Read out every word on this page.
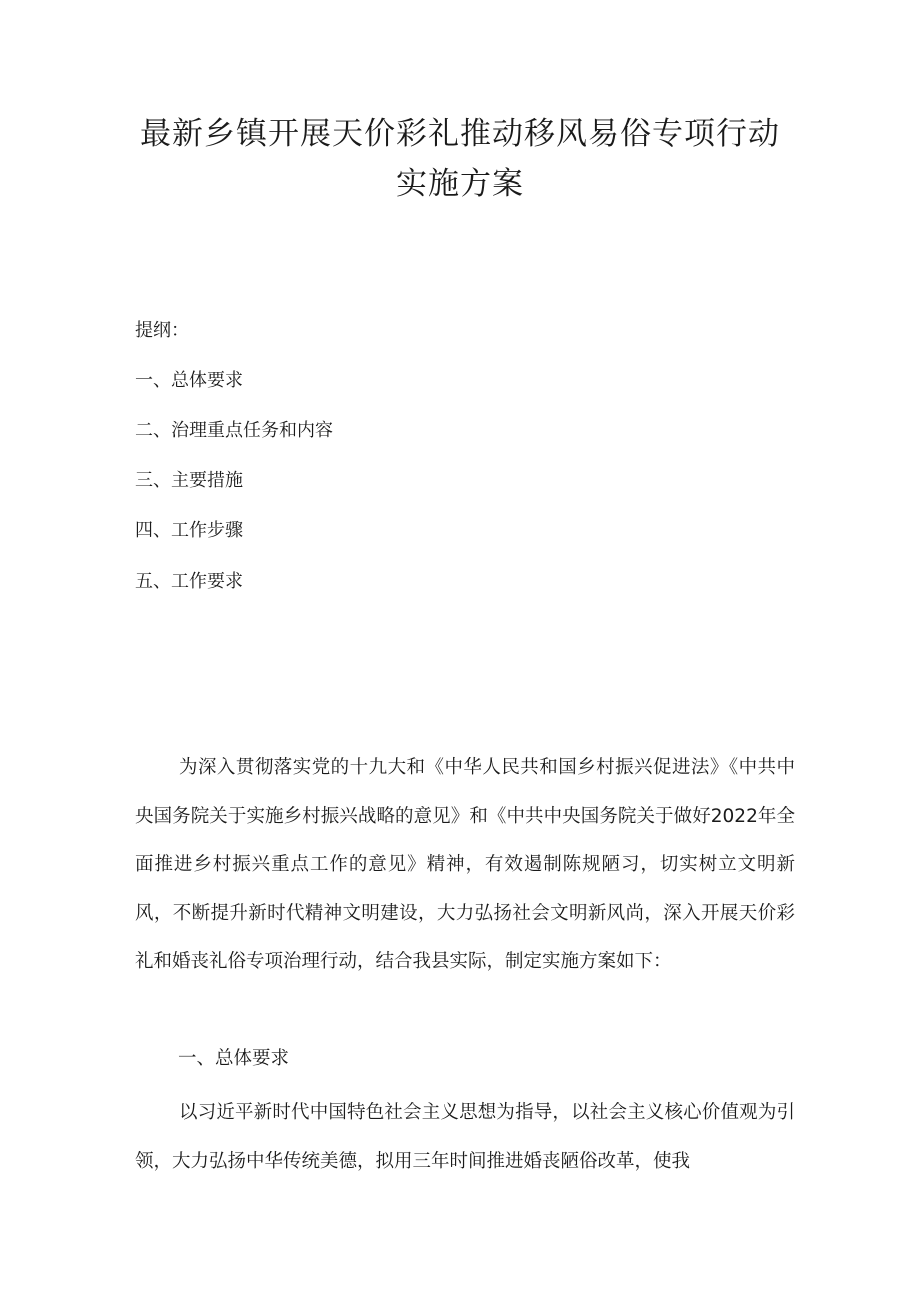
最新乡镇开展天价彩礼推动移风易俗专项行动
实施方案
提纲：
一、总体要求
二、治理重点任务和内容
三、主要措施
四、工作步骤
五、工作要求

为深入贯彻落实党的十九大和《中华人民共和国乡村振兴促进法》《中共中央国务院关于实施乡村振兴战略的意见》和《中共中央国务院关于做好2022年全面推进乡村振兴重点工作的意见》精神，有效遏制陈规陋习，切实树立文明新风，不断提升新时代精神文明建设，大力弘扬社会文明新风尚，深入开展天价彩礼和婚丧礼俗专项治理行动，结合我县实际，制定实施方案如下：

一、总体要求

以习近平新时代中国特色社会主义思想为指导，以社会主义核心价值观为引领，大力弘扬中华传统美德，拟用三年时间推进婚丧陋俗改革，使我
